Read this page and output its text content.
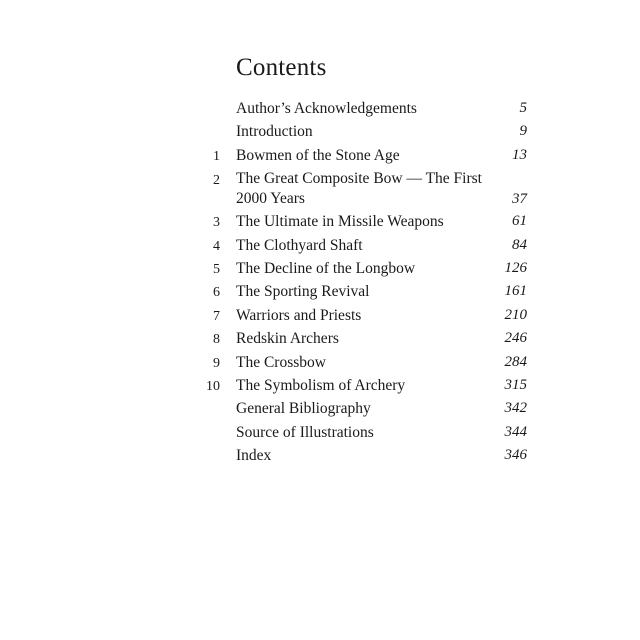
Contents
Author’s Acknowledgements	5
Introduction	9
1 Bowmen of the Stone Age	13
2 The Great Composite Bow — The First 2000 Years	37
3 The Ultimate in Missile Weapons	61
4 The Clothyard Shaft	84
5 The Decline of the Longbow	126
6 The Sporting Revival	161
7 Warriors and Priests	210
8 Redskin Archers	246
9 The Crossbow	284
10 The Symbolism of Archery	315
General Bibliography	342
Source of Illustrations	344
Index	346
